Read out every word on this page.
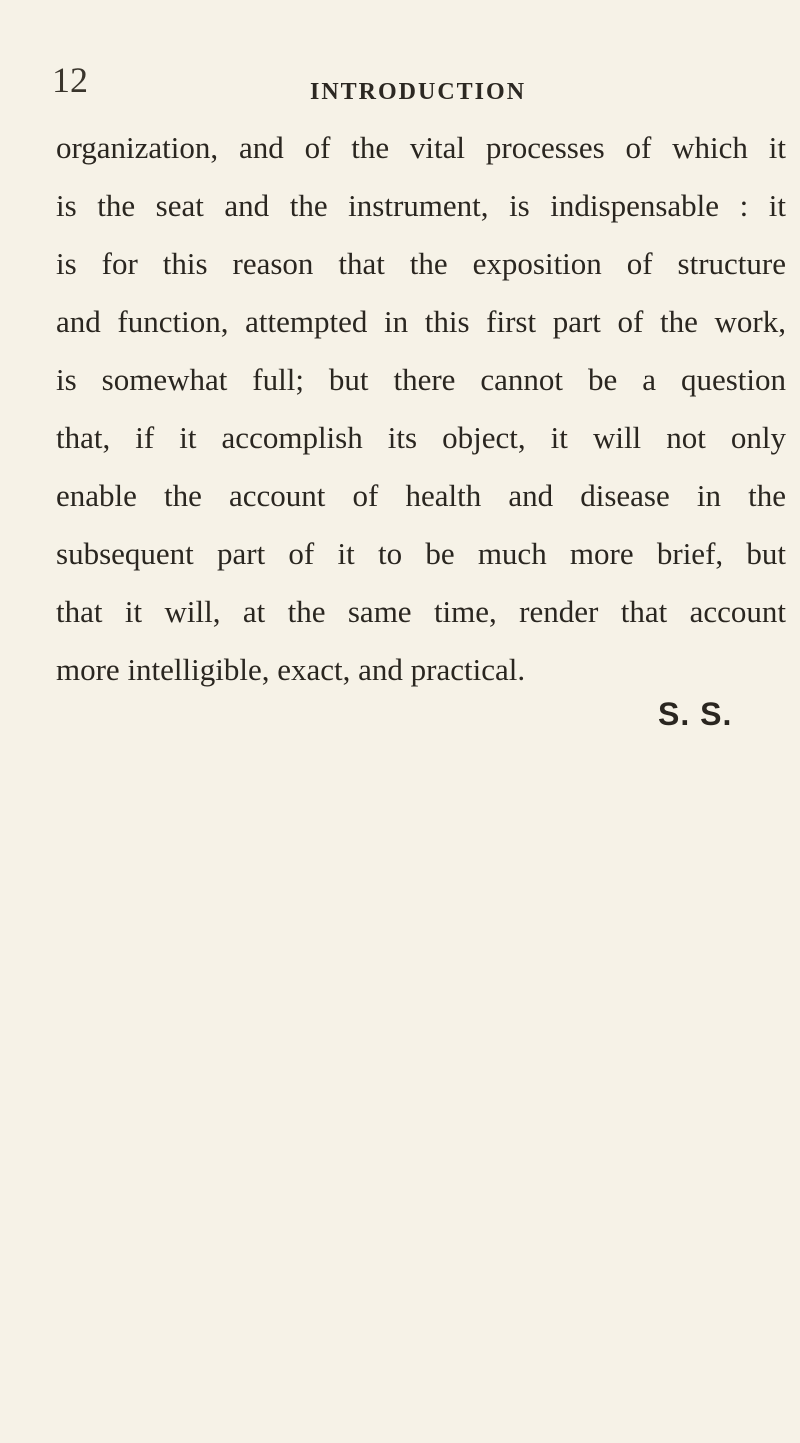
12	INTRODUCTION
organization, and of the vital processes of which it
is the seat and the instrument, is indispensable : it
is for this reason that the exposition of structure
and function, attempted in this first part of the work,
is somewhat full; but there cannot be a question
that, if it accomplish its object, it will not only
enable the account of health and disease in the
subsequent part of it to be much more brief, but
that it will, at the same time, render that account
more intelligible, exact, and practical.
S. S.
